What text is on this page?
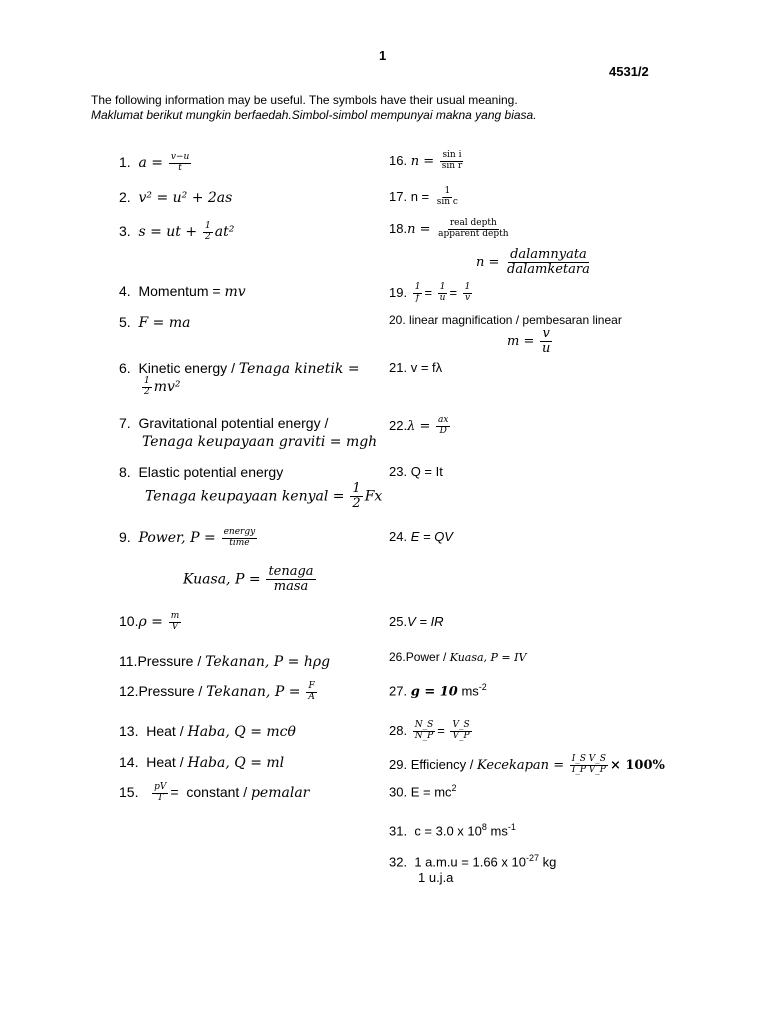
1
4531/2
The following information may be useful. The symbols have their usual meaning.
Maklumat berikut mungkin berfaedah.Simbol-simbol mempunyai makna yang biasa.
1. $a = \frac{v-u}{t}$
2. v² = u² + 2as
3. s = ut + $\frac{1}{2} at^2$
4. Momentum = mv
5. F = ma
6. Kinetic energy / Tenaga kinetik =
$\frac{1}{2} mv^2$
7. Gravitational potential energy /
Tenaga keupayaan graviti = mgh
8. Elastic potential energy
Tenaga keupayaan kenyal = $\frac{1}{2}$ Fx
9. Power, $P = \frac{\text{energy}}{\text{time}}$
Kuasa, $P = \frac{\text{tenaga}}{\text{masa}}$
$10.\rho = \frac{m}{V}$
11.Pressure / Tekanan, P = hρg
12.Pressure / Tekanan, $P = \frac{F}{A}$
13. Heat / Haba, Q = mcθ
14. Heat / Haba, Q = ml
15. $\frac{pV}{T}$ = constant / pemalar
16. $n = \frac{\text{sin i}}{\text{sin r}}$
17. $n = \frac{1}{\text{sin c}}$
$18.n = \frac{\text{real depth}}{\text{apparent depth}}$
$n = \frac{\text{dalamnyata}}{\text{dalamketara}}$
19. $\frac{1}{f} = \frac{1}{u} = \frac{1}{v}$
20. linear magnification / pembesaran linear
$m = \frac{v}{u}$
21. v = fλ
$22.\lambda = \frac{ax}{D}$
23. Q = It
24. E = QV
25.V = IR
26.Power / Kuasa, P = IV
27. g = 10 $ms^{-2}$
28. $\frac{N\_S}{N\_P} = \frac{V\_S}{V\_P}$
29. Efficiency / Kecekapan = $\frac{\text{I\_S V\_S}}{\text{I\_P V\_P}} \times 100\%$
30. $E = mc^2$
31. c = 3.0 x $10^8$ $ms^{-1}$
32. 1 a.m.u = 1.66 x $10^{-27}$ kg
1 u.j.a
